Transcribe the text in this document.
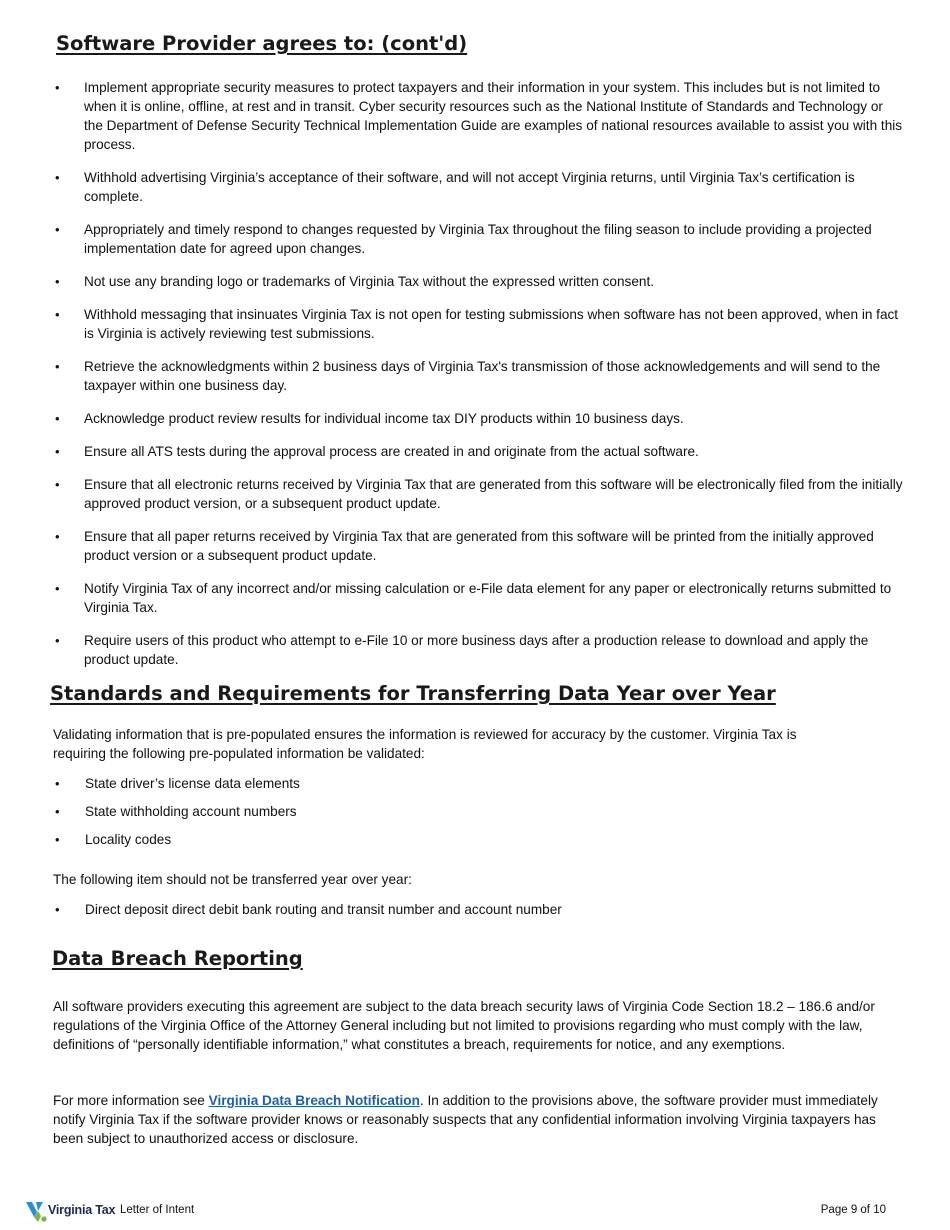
Software Provider agrees to: (cont'd)
• Implement appropriate security measures to protect taxpayers and their information in your system. This includes but is not limited to when it is online, offline, at rest and in transit. Cyber security resources such as the National Institute of Standards and Technology or the Department of Defense Security Technical Implementation Guide are examples of national resources available to assist you with this process.
• Withhold advertising Virginia’s acceptance of their software, and will not accept Virginia returns, until Virginia Tax’s certification is complete.
• Appropriately and timely respond to changes requested by Virginia Tax throughout the filing season to include providing a projected implementation date for agreed upon changes.
• Not use any branding logo or trademarks of Virginia Tax without the expressed written consent.
• Withhold messaging that insinuates Virginia Tax is not open for testing submissions when software has not been approved, when in fact is Virginia is actively reviewing test submissions.
• Retrieve the acknowledgments within 2 business days of Virginia Tax's transmission of those acknowledgements and will send to the taxpayer within one business day.
• Acknowledge product review results for individual income tax DIY products within 10 business days.
• Ensure all ATS tests during the approval process are created in and originate from the actual software.
• Ensure that all electronic returns received by Virginia Tax that are generated from this software will be electronically filed from the initially approved product version, or a subsequent product update.
• Ensure that all paper returns received by Virginia Tax that are generated from this software will be printed from the initially approved product version or a subsequent product update.
• Notify Virginia Tax of any incorrect and/or missing calculation or e-File data element for any paper or electronically returns submitted to Virginia Tax.
• Require users of this product who attempt to e-File 10 or more business days after a production release to download and apply the product update.
Standards and Requirements for Transferring Data Year over Year

Validating information that is pre-populated ensures the information is reviewed for accuracy by the customer. Virginia Tax is requiring the following pre-populated information be validated:

• State driver’s license data elements
• State withholding account numbers
• Locality codes

The following item should not be transferred year over year:

• Direct deposit direct debit bank routing and transit number and account number
Data Breach Reporting

All software providers executing this agreement are subject to the data breach security laws of Virginia Code Section 18.2 – 186.6 and/or regulations of the Virginia Office of the Attorney General including but not limited to provisions regarding who must comply with the law, definitions of “personally identifiable information,” what constitutes a breach, requirements for notice, and any exemptions.

For more information see Virginia Data Breach Notification. In addition to the provisions above, the software provider must immediately notify Virginia Tax if the software provider knows or reasonably suspects that any confidential information involving Virginia taxpayers has been subject to unauthorized access or disclosure.

Virginia Tax Letter of Intent	Page 9 of 10
